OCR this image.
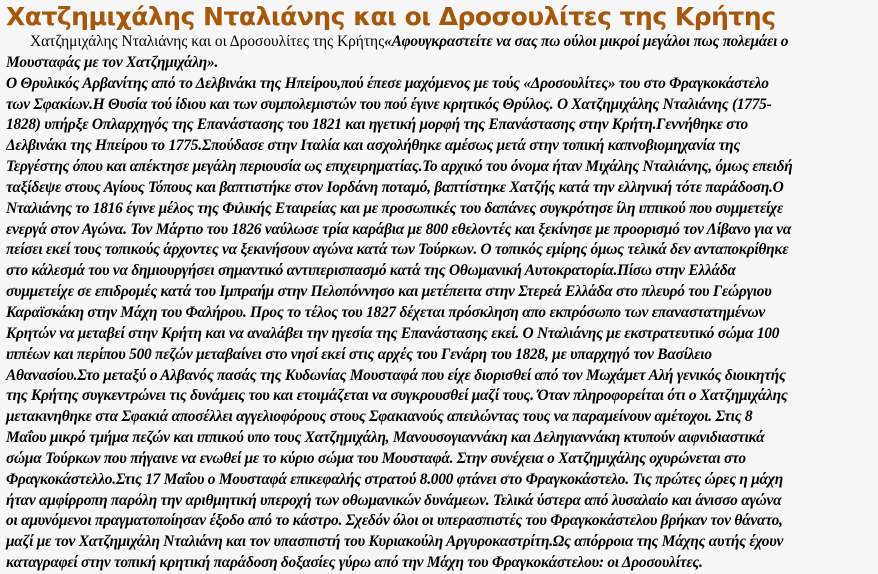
Χατζημιχάλης Νταλιάνης και οι Δροσουλίτες της Κρήτης
Χατζημιχάλης Νταλιάνης και οι Δροσουλίτες της Κρήτης«Αφουγκραστείτε να σας πω ούλοι μικροί μεγάλοι πως πολεμάει ο
Μουσταφάς με τον Χατζημιχάλη».
Ο Θρυλικός Αρβανίτης από το Δελβινάκι της Ηπείρου,πού έπεσε μαχόμενος με τούς «Δροσουλίτες» του στο Φραγκοκάστελο
των Σφακίων.Η Θυσία τού ίδιου και των συμπολεμιστών του πού έγινε κρητικός Θρύλος. Ο Χατζημιχάλης Νταλιάνης (1775-
1828) υπήρξε Οπλαρχηγός της Επανάστασης του 1821 και ηγετική μορφή της Επανάστασης στην Κρήτη.Γεννήθηκε στο
Δελβινάκι της Ηπείρου το 1775.Σπούδασε στην Ιταλία και ασχολήθηκε αμέσως μετά στην τοπική καπνοβιομηχανία της
Τεργέστης όπου και απέκτησε μεγάλη περιουσία ως επιχειρηματίας.Το αρχικό του όνομα ήταν Μιχάλης Νταλιάνης, όμως επειδή
ταξίδεψε στους Αγίους Τόπους και βαπτιστήκε στον Ιορδάνη ποταμό, βαπτίστηκε Χατζής κατά την ελληνική τότε παράδοση.Ο
Νταλιάνης το 1816 έγινε μέλος της Φιλικής Εταιρείας και με προσωπικές του δαπάνες συγκρότησε ίλη ιππικού που συμμετείχε
ενεργά στον Αγώνα. Τον Μάρτιο του 1826 ναύλωσε τρία καράβια με 800 εθελοντές και ξεκίνησε με προορισμό τον Λίβανο για να
πείσει εκεί τους τοπικούς άρχοντες να ξεκινήσουν αγώνα κατά των Τούρκων. Ο τοπικός εμίρης όμως τελικά δεν ανταποκρίθηκε
στο κάλεσμά του να δημιουργήσει σημαντικό αντιπερισπασμό κατά της Οθωμανική Αυτοκρατορία.Πίσω στην Ελλάδα
συμμετείχε σε επιδρομές κατά του Ιμπραήμ στην Πελοπόννησο και μετέπειτα στην Στερεά Ελλάδα στο πλευρό του Γεώργιου
Καραϊσκάκη στην Μάχη του Φαλήρου. Προς το τέλος του 1827 δέχεται πρόσκληση απο εκπρόσωπο των επαναστατημένων
Κρητών να μεταβεί στην Κρήτη και να αναλάβει την ηγεσία της Επανάστασης εκεί. Ο Νταλιάνης με εκστρατευτικό σώμα 100
ιππέων και περίπου 500 πεζών μεταβαίνει στο νησί εκεί στις αρχές του Γενάρη του 1828, με υπαρχηγό τον Βασίλειο
Αθανασίου.Στο μεταξύ ο Αλβανός πασάς της Κυδωνίας Μουσταφά που είχε διορισθεί από τον Μωχάμετ Αλή γενικός διοικητής
της Κρήτης συγκεντρώνει τις δυνάμεις του και ετοιμάζεται να συγκρουσθεί μαζί τους. Όταν πληροφορείται ότι ο Χατζημιχάλης
μετακινηθηκε στα Σφακιά αποσέλλει αγγελιοφόρους στους Σφακιανούς απειλώντας τους να παραμείνουν αμέτοχοι. Στις 8
Μαΐου μικρό τμήμα πεζών και ιππικού υπο τους Χατζημιχάλη, Μανουσογιαννάκη και Δεληγιαννάκη κτυπούν αιφνιδιαστικά
σώμα Τούρκων που πήγαινε να ενωθεί με το κύριο σώμα του Μουσταφά. Στην συνέχεια ο Χατζημιχάλης οχυρώνεται στο
Φραγκοκάστελλο.Στις 17 Μαΐου ο Μουσταφά επικεφαλής στρατού 8.000 φτάνει στο Φραγκοκάστελο. Τις πρώτες ώρες η μάχη
ήταν αμφίρροπη παρόλη την αριθμητική υπεροχή των οθωμανικών δυνάμεων. Τελικά ύστερα από λυσαλαίο και άνισσο αγώνα
οι αμυνόμενοι πραγματοποίησαν έξοδο από το κάστρο. Σχεδόν όλοι οι υπερασπιστές του Φραγκοκάστελου βρήκαν τον θάνατο,
μαζί με τον Χατζημιχάλη Νταλιάνη και τον υπασπιστή του Κυριακούλη Αργυροκαστρίτη.Ως απόρροια της Μάχης αυτής έχουν
καταγραφεί στην τοπική κρητική παράδοση δοξασίες γύρω από την Μάχη του Φραγκοκάστελου: οι Δροσουλίτες.
